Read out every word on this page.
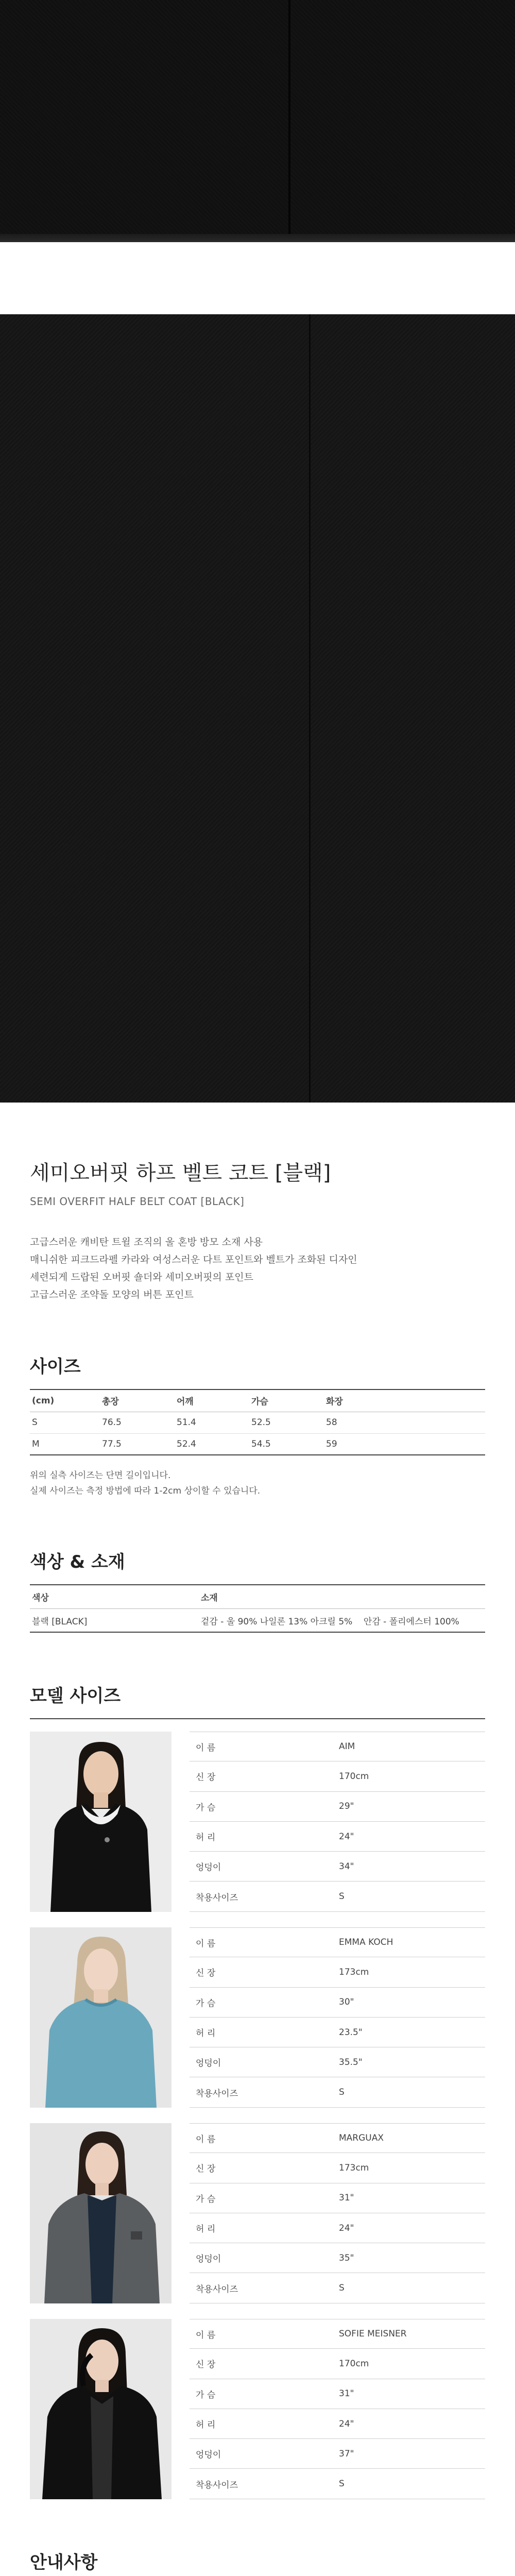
세미오버핏 하프 벨트 코트 [블랙]
SEMI OVERFIT HALF BELT COAT [BLACK]

고급스러운 캐비탄 트윌 조직의 울 혼방 방모 소재 사용

매니쉬한 피크드라펠 카라와 여성스러운 다트 포인트와 벨트가 조화된 디자인

세련되게 드랍된 오버핏 숄더와 세미오버핏의 포인트

고급스러운 조약돌 모양의 버튼 포인트

사이즈
(cm)	총장	어깨	가슴	화장
S	76.5	51.4	52.5	58
M	77.5	52.4	54.5	59

위의 실측 사이즈는 단면 길이입니다.

실제 사이즈는 측정 방법에 따라 1-2cm 상이할 수 있습니다.

색상 & 소재
색상	소재
블랙 [BLACK]	겉감 - 울 90% 나일론 13% 아크릴 5%    안감 - 폴리에스터 100%
모델 사이즈
이 름	AIM
신 장	170cm
가 슴	29"
허 리	24"
엉덩이	34"
착용사이즈	S
이 름	EMMA KOCH
신 장	173cm
가 슴	30"
허 리	23.5"
엉덩이	35.5"
착용사이즈	S
이 름	MARGUAX
신 장	173cm
가 슴	31"
허 리	24"
엉덩이	35"
착용사이즈	S
이 름	SOFIE MEISNER
신 장	170cm
가 슴	31"
허 리	24"
엉덩이	37"
착용사이즈	S
안내사항
